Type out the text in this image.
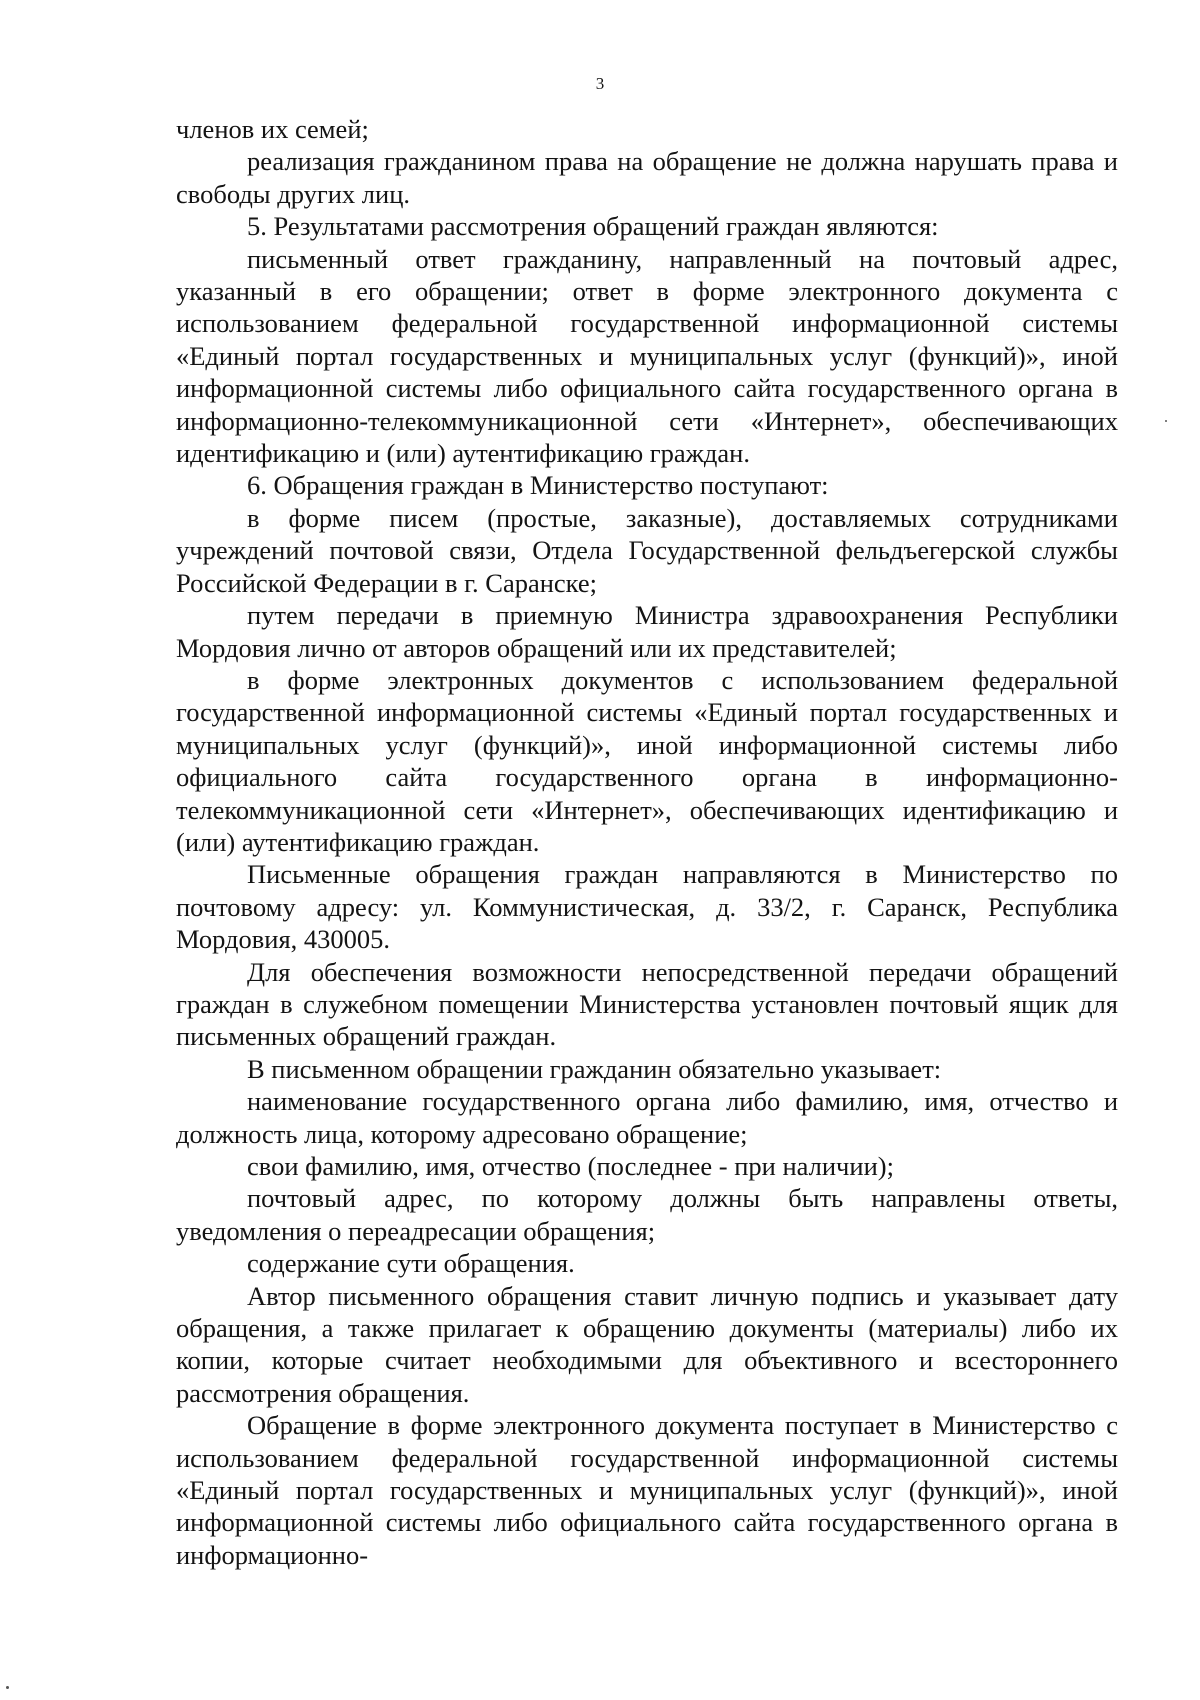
3

членов их семей;

реализация гражданином права на обращение не должна нарушать права и свободы других лиц.

5. Результатами рассмотрения обращений граждан являются:

письменный ответ гражданину, направленный на почтовый адрес, указанный в его обращении; ответ в форме электронного документа с использованием федеральной государственной информационной системы «Единый портал государственных и муниципальных услуг (функций)», иной информационной системы либо официального сайта государственного органа в информационно-телекоммуникационной сети «Интернет», обеспечивающих идентификацию и (или) аутентификацию граждан.

6. Обращения граждан в Министерство поступают:

в форме писем (простые, заказные), доставляемых сотрудниками учреждений почтовой связи, Отдела Государственной фельдъегерской службы Российской Федерации в г. Саранске;

путем передачи в приемную Министра здравоохранения Республики Мордовия лично от авторов обращений или их представителей;

в форме электронных документов с использованием федеральной государственной информационной системы «Единый портал государственных и муниципальных услуг (функций)», иной информационной системы либо официального сайта государственного органа в информационно-телекоммуникационной сети «Интернет», обеспечивающих идентификацию и (или) аутентификацию граждан.

Письменные обращения граждан направляются в Министерство по почтовому адресу: ул. Коммунистическая, д. 33/2, г. Саранск, Республика Мордовия, 430005.

Для обеспечения возможности непосредственной передачи обращений граждан в служебном помещении Министерства установлен почтовый ящик для письменных обращений граждан.

В письменном обращении гражданин обязательно указывает:

наименование государственного органа либо фамилию, имя, отчество и должность лица, которому адресовано обращение;

свои фамилию, имя, отчество (последнее - при наличии);

почтовый адрес, по которому должны быть направлены ответы, уведомления о переадресации обращения;

содержание сути обращения.

Автор письменного обращения ставит личную подпись и указывает дату обращения, а также прилагает к обращению документы (материалы) либо их копии, которые считает необходимыми для объективного и всестороннего рассмотрения обращения.

Обращение в форме электронного документа поступает в Министерство с использованием федеральной государственной информационной системы «Единый портал государственных и муниципальных услуг (функций)», иной информационной системы либо официального сайта государственного органа в информационно-
